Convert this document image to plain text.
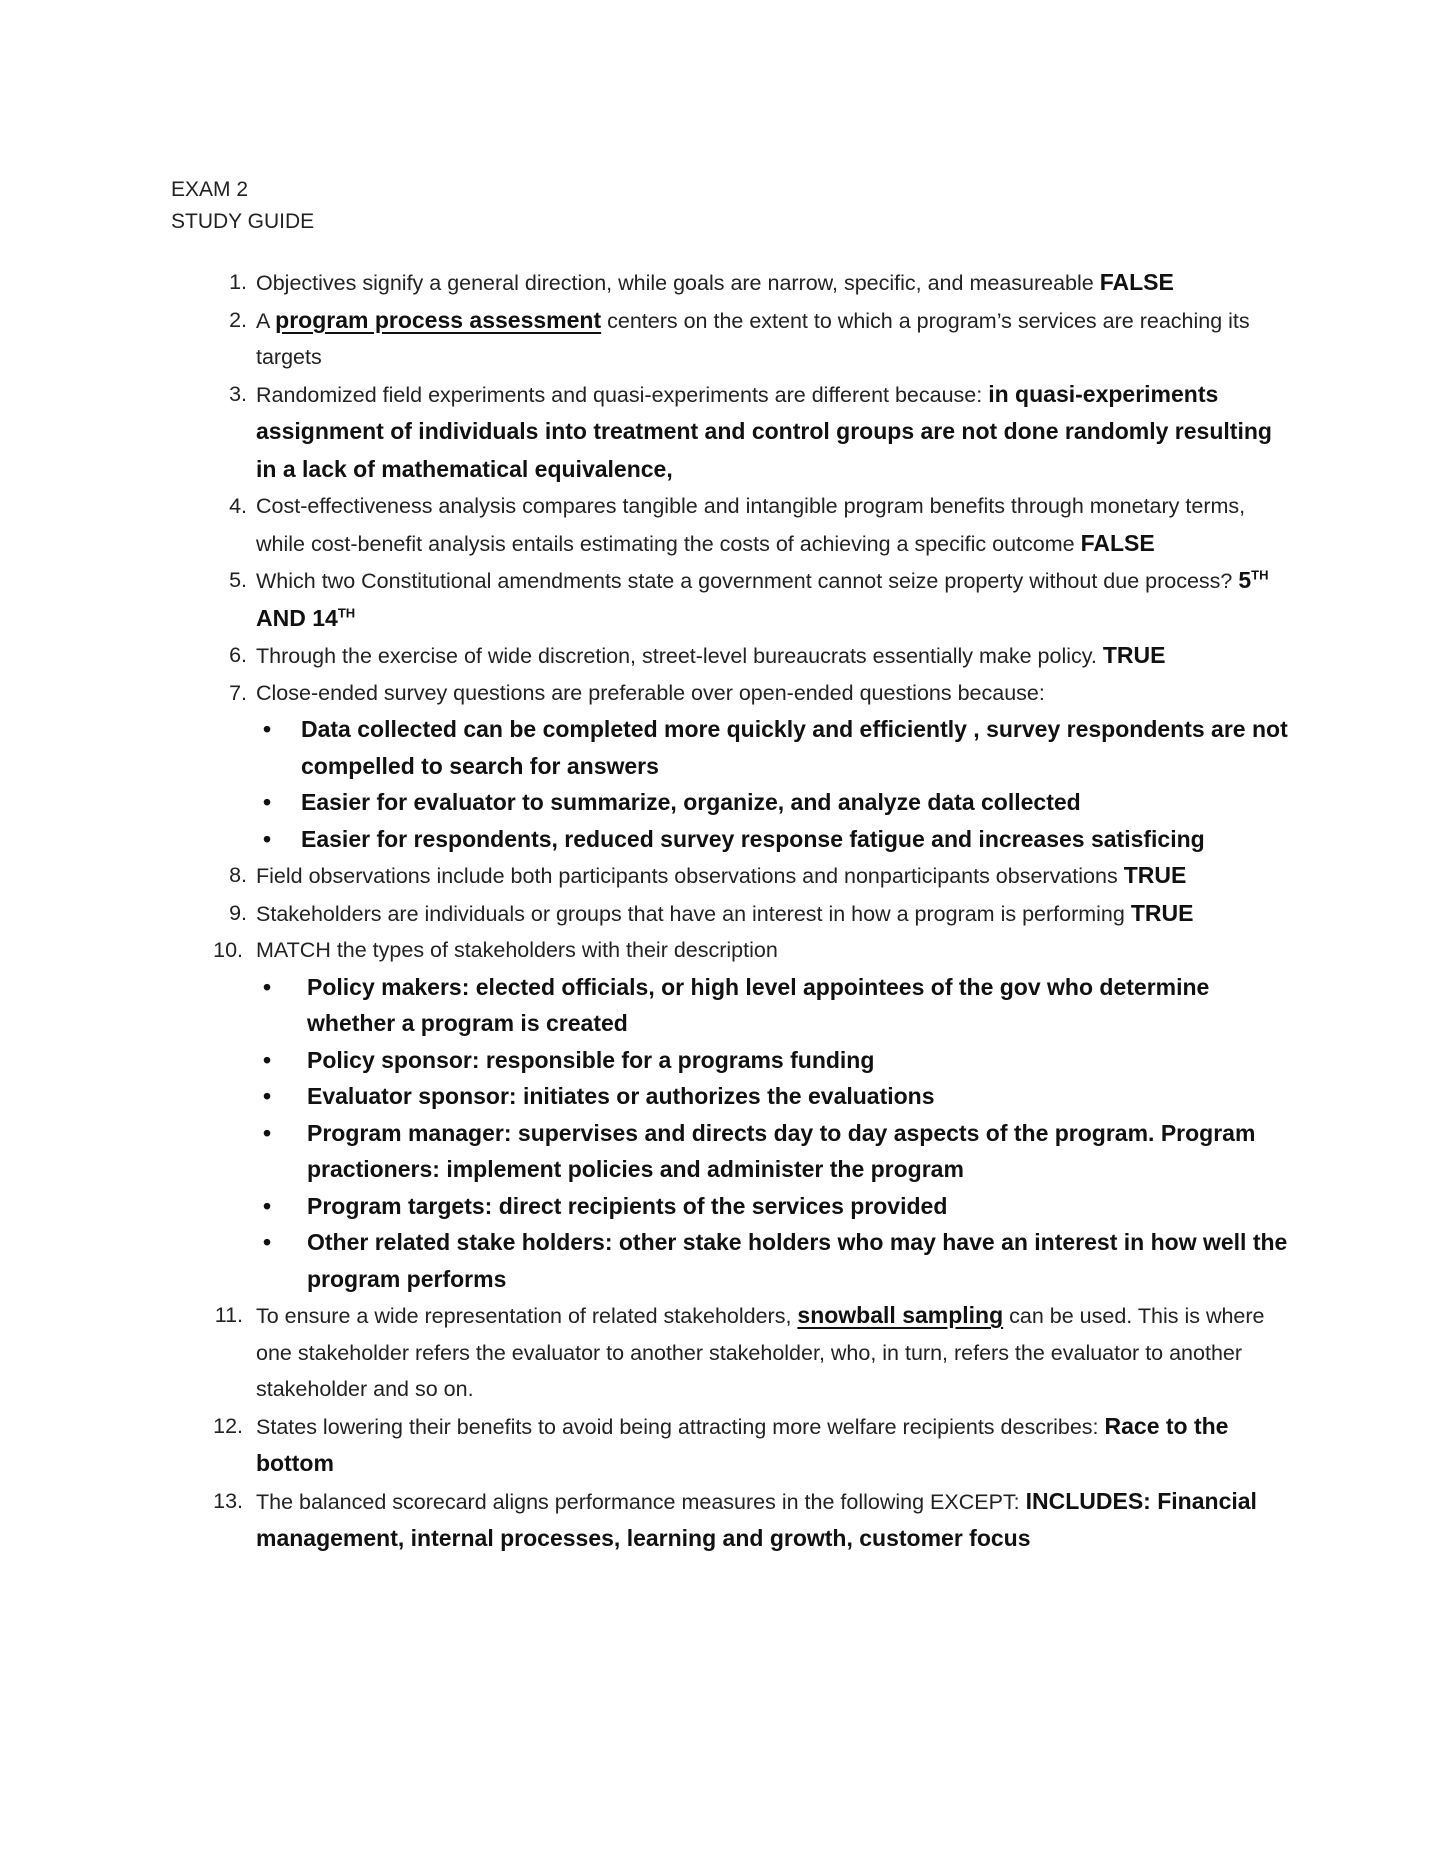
EXAM 2
STUDY GUIDE
1. Objectives signify a general direction, while goals are narrow, specific, and measureable FALSE
2. A program process assessment centers on the extent to which a program’s services are reaching its targets
3. Randomized field experiments and quasi-experiments are different because: in quasi-experiments assignment of individuals into treatment and control groups are not done randomly resulting in a lack of mathematical equivalence,
4. Cost-effectiveness analysis compares tangible and intangible program benefits through monetary terms, while cost-benefit analysis entails estimating the costs of achieving a specific outcome FALSE
5. Which two Constitutional amendments state a government cannot seize property without due process? 5TH AND 14TH
6. Through the exercise of wide discretion, street-level bureaucrats essentially make policy. TRUE
7. Close-ended survey questions are preferable over open-ended questions because:
• Data collected can be completed more quickly and efficiently , survey respondents are not compelled to search for answers
• Easier for evaluator to summarize, organize, and analyze data collected
• Easier for respondents, reduced survey response fatigue and increases satisficing
8. Field observations include both participants observations and nonparticipants observations TRUE
9. Stakeholders are individuals or groups that have an interest in how a program is performing TRUE
10. MATCH the types of stakeholders with their description
• Policy makers: elected officials, or high level appointees of the gov who determine whether a program is created
• Policy sponsor: responsible for a programs funding
• Evaluator sponsor: initiates or authorizes the evaluations
• Program manager: supervises and directs day to day aspects of the program. Program practioners: implement policies and administer the program
• Program targets: direct recipients of the services provided
• Other related stake holders: other stake holders who may have an interest in how well the program performs
11. To ensure a wide representation of related stakeholders, snowball sampling can be used. This is where one stakeholder refers the evaluator to another stakeholder, who, in turn, refers the evaluator to another stakeholder and so on.
12. States lowering their benefits to avoid being attracting more welfare recipients describes: Race to the bottom
13. The balanced scorecard aligns performance measures in the following EXCEPT: INCLUDES: Financial management, internal processes, learning and growth, customer focus
